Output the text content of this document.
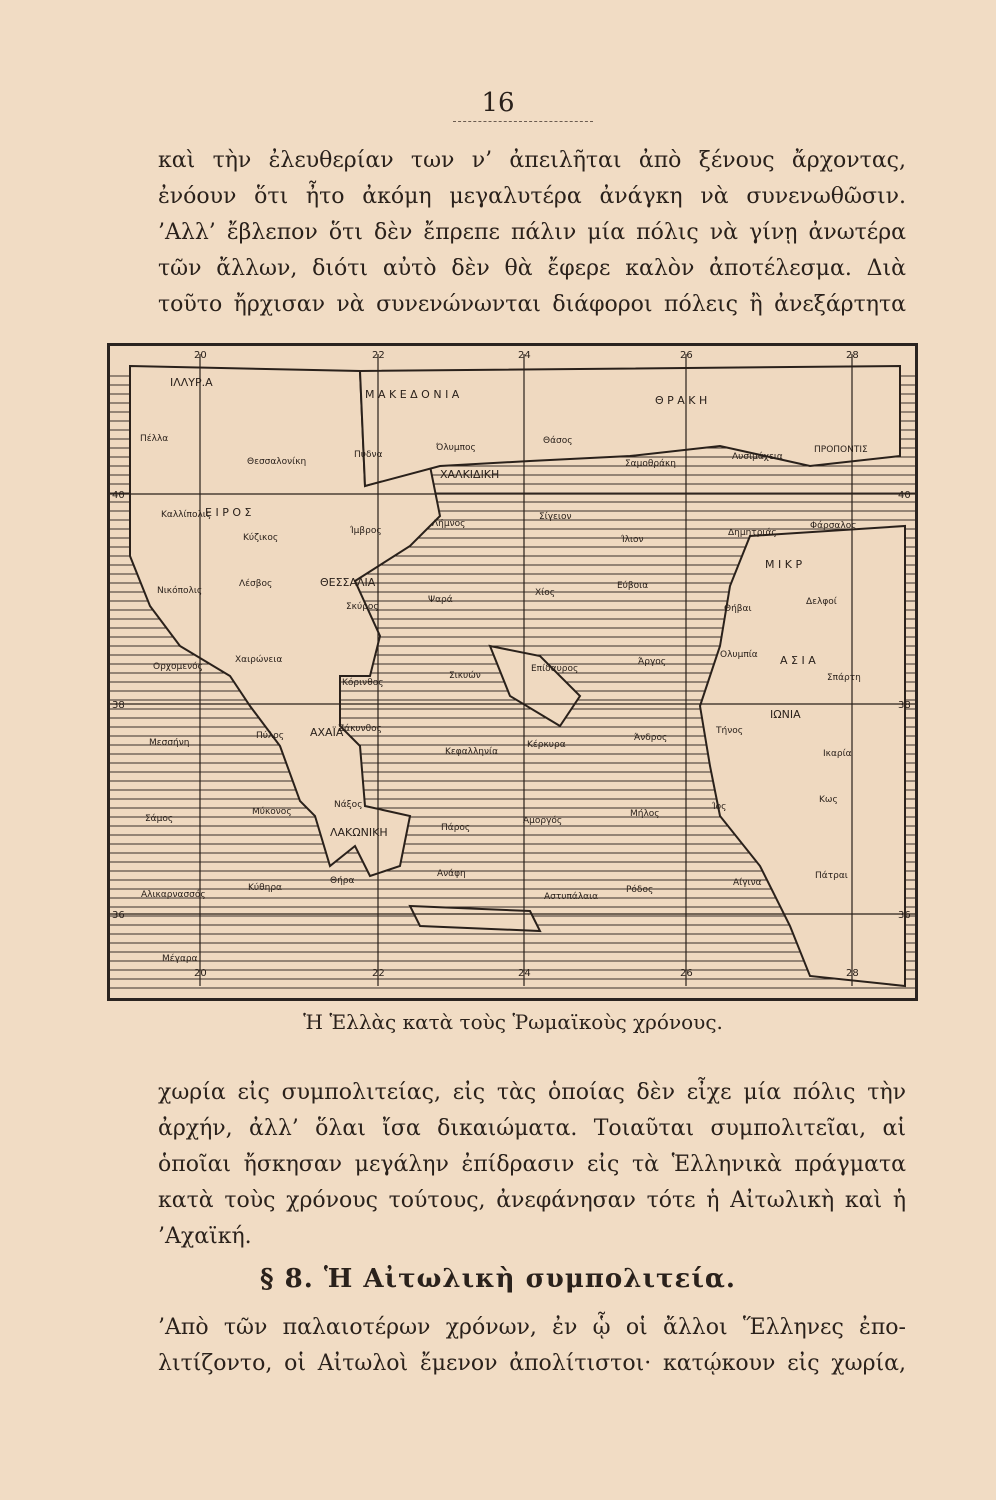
16
καὶ τὴν ἐλευθερίαν των ν’ ἀπειλῆται ἀπὸ ξένους ἄρχοντας,
ἐνόουν ὅτι ἦτο ἀκόμη μεγαλυτέρα ἀνάγκη νὰ συνενωθῶσιν.
’Αλλ’ ἔβλεπον ὅτι δὲν ἔπρεπε πάλιν μία πόλις νὰ γίνῃ ἀνωτέρα
τῶν ἄλλων, διότι αὐτὸ δὲν θὰ ἔφερε καλὸν ἀποτέλεσμα. Διὰ
τοῦτο ἤρχισαν νὰ συνενώνωνται διάφοροι πόλεις ἢ ἀνεξάρτητα
20	22	24	26	28
20	22	24	26	28
40
38
36
40
38
36
ΙΛΛΥΡ.Α
Μ Α Κ Ε Δ Ο Ν Ι Α	Θ Ρ Α Κ Η
Ε Ι Ρ Ο Σ
ΘΕΣΣΑΛΙΑ
Μ Ι Κ Ρ
Α Σ Ι Α
ΙΩΝΙΑ
ΛΑΚΩΝΙΚΗ
ΑΧΑΪΑ
ΧΑΛΚΙΔΙΚΗ
Πέλλα
Θεσσαλονίκη
Πύδνα
Όλυμπος
Θάσος
Σαμοθράκη
Λυσιμάχεια
ΠΡΟΠΟΝΤΙΣ
Καλλίπολις
Κύζικος
Ίμβρος
Λήμνος
Σίγειον
Ίλιον
Δημητριάς
Φάρσαλος
Νικόπολις
Λέσβος
Σκύρος
Ψαρά
Χίος
Εύβοια
Θήβαι
Δελφοί
Ορχομενός
Χαιρώνεια
Κόρινθος
Σικυών
Επίδαυρος
Άργος
Ολυμπία
Σπάρτη
Μεσσήνη
Πύλος
Ζάκυνθος
Κεφαλληνία
Κέρκυρα
Άνδρος
Τήνος
Ικαρία
Σάμος
Μύκονος
Νάξος
Πάρος
Αμοργός
Μήλος
Ίος
Κως
Αλικαρνασσός
Κύθηρα
Θήρα
Ανάφη
Αστυπάλαια
Ρόδος
Αίγινα
Πάτραι
Μέγαρα
Ἡ Ἑλλὰς κατὰ τοὺς Ῥωμαϊκοὺς χρόνους.
χωρία εἰς συμπολιτείας, εἰς τὰς ὁποίας δὲν εἶχε μία πόλις τὴν
ἀρχήν, ἀλλ’ ὅλαι ἴσα δικαιώματα. Τοιαῦται συμπολιτεῖαι, αἱ
ὁποῖαι ἤσκησαν μεγάλην ἐπίδρασιν εἰς τὰ Ἑλληνικὰ πράγματα
κατὰ τοὺς χρόνους τούτους, ἀνεφάνησαν τότε ἡ Αἰτωλικὴ καὶ ἡ
’Αχαϊκή.
§ 8. Ἡ Αἰτωλικὴ συμπολιτεία.
’Απὸ τῶν παλαιοτέρων χρόνων, ἐν ᾧ οἱ ἄλλοι Ἕλληνες ἐπο-
λιτίζοντο, οἱ Αἰτωλοὶ ἔμενον ἀπολίτιστοι· κατῴκουν εἰς χωρία,
